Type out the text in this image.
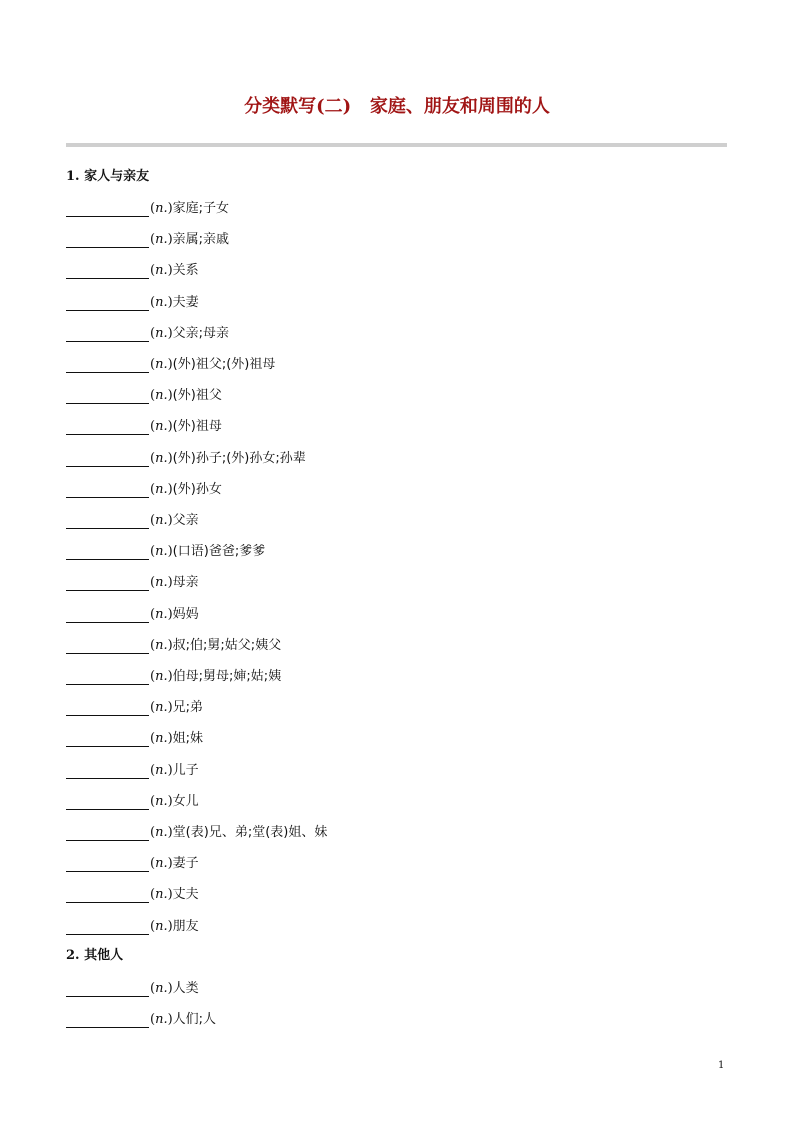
分类默写(二)   家庭、朋友和周围的人
1. 家人与亲友
(n.) 家庭;子女
(n.) 亲属;亲戚
(n.) 关系
(n.) 夫妻
(n.) 父亲;母亲
(n.) (外)祖父;(外)祖母
(n.) (外)祖父
(n.) (外)祖母
(n.) (外)孙子;(外)孙女;孙辈
(n.) (外)孙女
(n.) 父亲
(n.) (口语)爸爸;爹爹
(n.) 母亲
(n.) 妈妈
(n.) 叔;伯;舅;姑父;姨父
(n.) 伯母;舅母;婶;姑;姨
(n.) 兄;弟
(n.) 姐;妹
(n.) 儿子
(n.) 女儿
(n.) 堂(表)兄、弟;堂(表)姐、妹
(n.) 妻子
(n.) 丈夫
(n.) 朋友
2. 其他人
(n.) 人类
(n.) 人们;人
1
